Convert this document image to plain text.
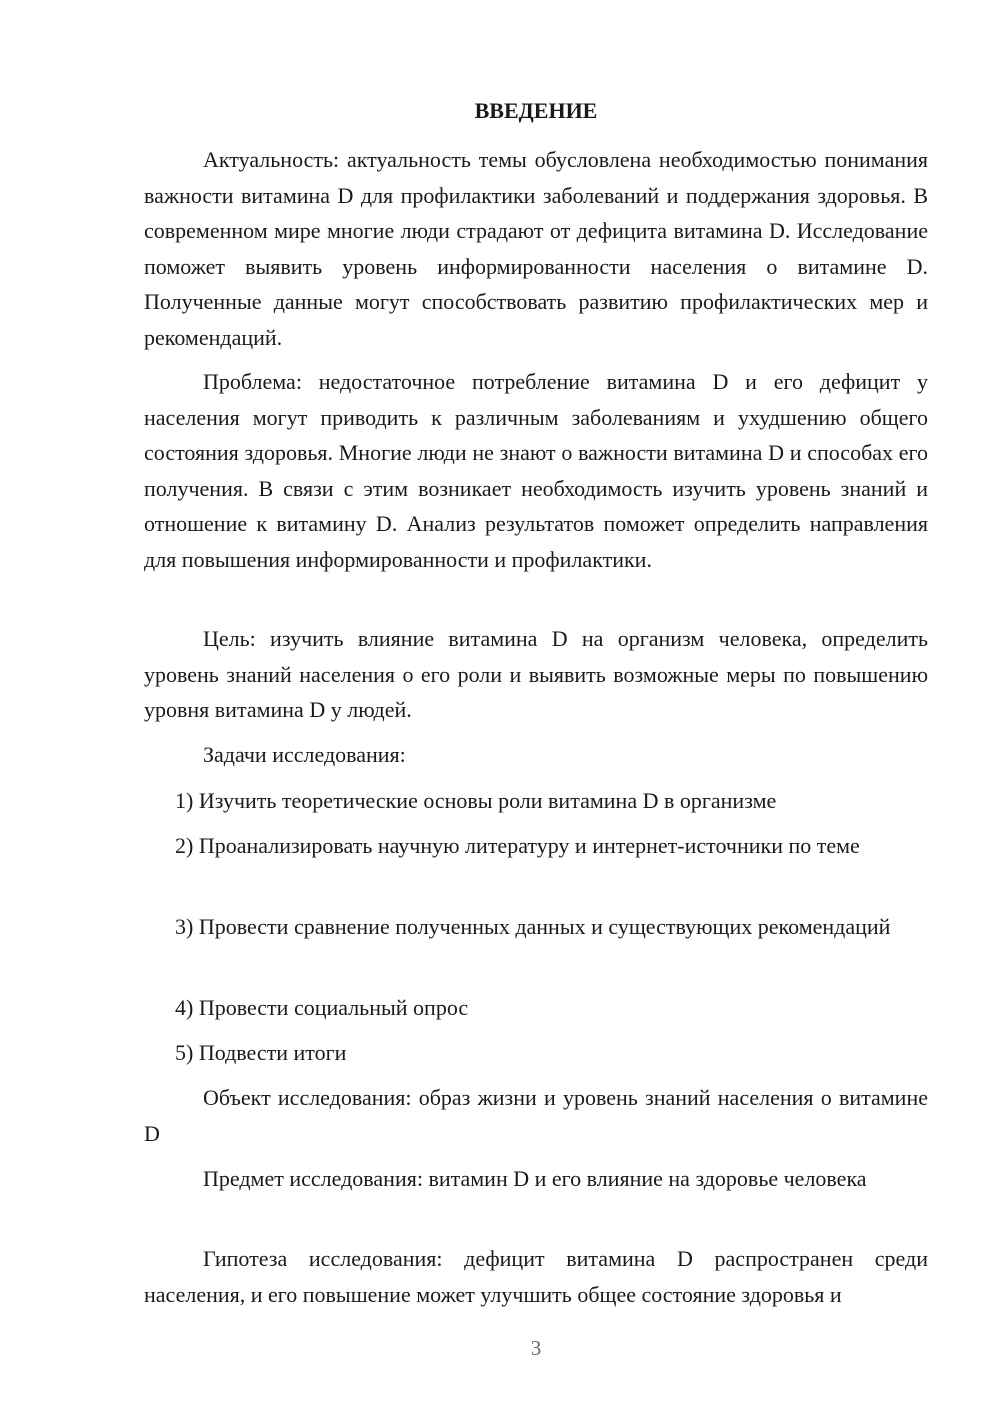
ВВЕДЕНИЕ

Актуальность: актуальность темы обусловлена необходимостью понимания важности витамина D для профилактики заболеваний и поддержания здоровья. В современном мире многие люди страдают от дефицита витамина D. Исследование поможет выявить уровень информированности населения о витамине D. Полученные данные могут способствовать развитию профилактических мер и рекомендаций.

Проблема: недостаточное потребление витамина D и его дефицит у населения могут приводить к различным заболеваниям и ухудшению общего состояния здоровья. Многие люди не знают о важности витамина D и способах его получения. В связи с этим возникает необходимость изучить уровень знаний и отношение к витамину D. Анализ результатов поможет определить направления для повышения информированности и профилактики.

Цель: изучить влияние витамина D на организм человека, определить уровень знаний населения о его роли и выявить возможные меры по повышению уровня витамина D у людей.

Задачи исследования:

1) Изучить теоретические основы роли витамина D в организме

2) Проанализировать научную литературу и интернет-источники по теме

3) Провести сравнение полученных данных и существующих рекомендаций

4) Провести социальный опрос

5) Подвести итоги

Объект исследования: образ жизни и уровень знаний населения о витамине D

Предмет исследования: витамин D и его влияние на здоровье человека

Гипотеза исследования: дефицит витамина D распространен среди населения, и его повышение может улучшить общее состояние здоровья и

3
